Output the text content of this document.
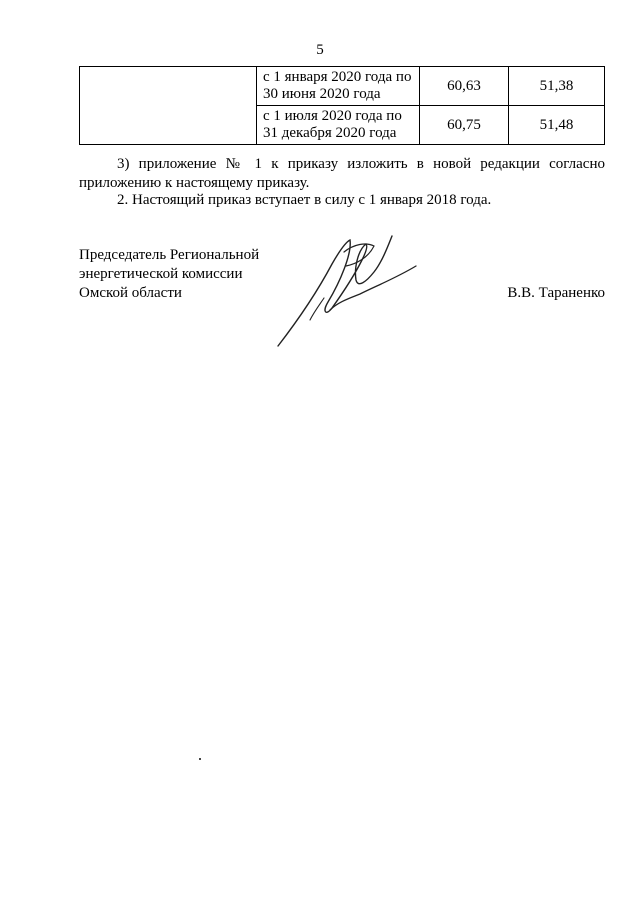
5
	с 1 января 2020 года по 30 июня 2020 года	60,63	51,38
	с 1 июля 2020 года по 31 декабря 2020 года	60,75	51,48
3) приложение № 1 к приказу изложить в новой редакции согласно приложению к настоящему приказу.
2. Настоящий приказ вступает в силу с 1 января 2018 года.
Председатель Региональной
энергетической комиссии
Омской области	В.В. Тараненко
